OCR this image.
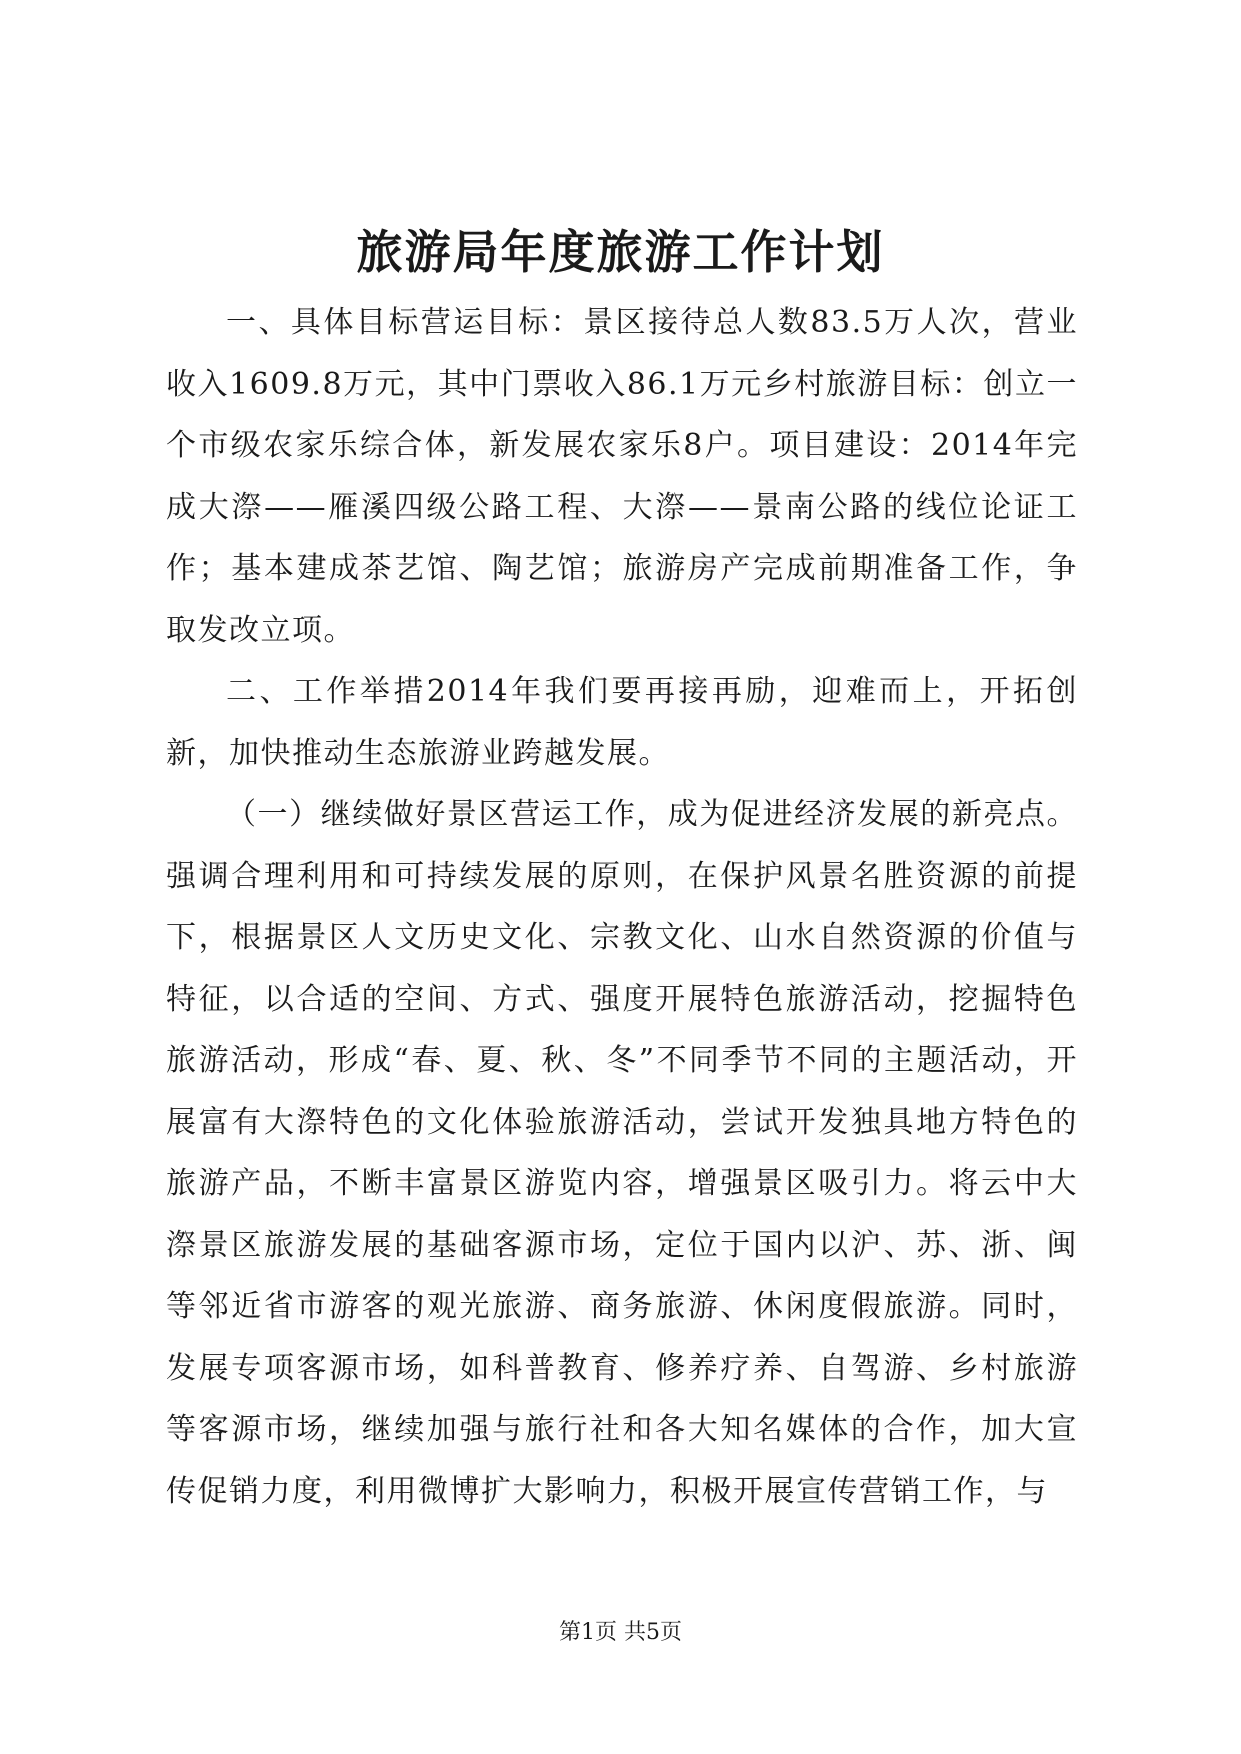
旅游局年度旅游工作计划

一、具体目标营运目标：景区接待总人数83.5万人次，营业收入1609.8万元，其中门票收入86.1万元乡村旅游目标：创立一个市级农家乐综合体，新发展农家乐8户。项目建设：2014年完成大漈——雁溪四级公路工程、大漈——景南公路的线位论证工作；基本建成茶艺馆、陶艺馆；旅游房产完成前期准备工作，争取发改立项。

二、工作举措2014年我们要再接再励，迎难而上，开拓创新，加快推动生态旅游业跨越发展。

（一）继续做好景区营运工作，成为促进经济发展的新亮点。强调合理利用和可持续发展的原则，在保护风景名胜资源的前提下，根据景区人文历史文化、宗教文化、山水自然资源的价值与特征，以合适的空间、方式、强度开展特色旅游活动，挖掘特色旅游活动，形成“春、夏、秋、冬”不同季节不同的主题活动，开展富有大漈特色的文化体验旅游活动，尝试开发独具地方特色的旅游产品，不断丰富景区游览内容，增强景区吸引力。将云中大漈景区旅游发展的基础客源市场，定位于国内以沪、苏、浙、闽等邻近省市游客的观光旅游、商务旅游、休闲度假旅游。同时，发展专项客源市场，如科普教育、修养疗养、自驾游、乡村旅游等客源市场，继续加强与旅行社和各大知名媒体的合作，加大宣传促销力度，利用微博扩大影响力，积极开展宣传营销工作，与

第1页 共5页
